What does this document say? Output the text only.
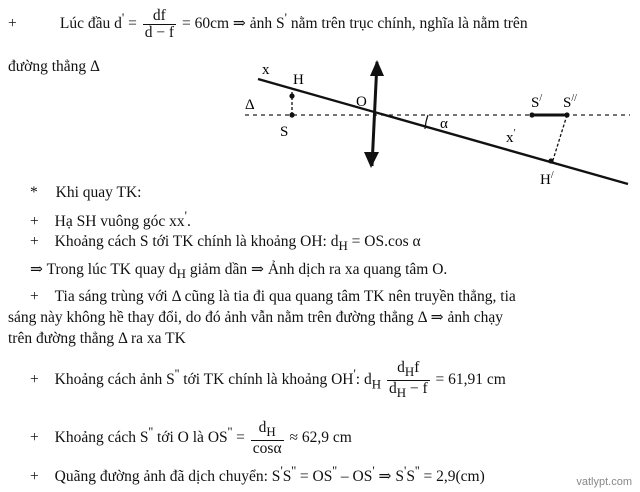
+	Lúc đầu $d' = \frac{df}{d - f} = 60cm$ ⇒ ảnh S' nằm trên trục chính, nghĩa là nằm trên
đường thẳng Δ	x
H
Δ
S
O
α
S/ S//
x′
H/
* Khi quay TK:
+ Hạ SH vuông góc xx'.
+ Khoảng cách S tới TK chính là khoảng OH: $d_H = OS.\cos$ α
⇒ Trong lúc TK quay $d_H$ giảm dần ⇒ Ảnh dịch ra xa quang tâm O.
+ Tia sáng trùng với Δ cũng là tia đi qua quang tâm TK nên truyền thẳng, tia
sáng này không hề thay đổi, do đó ảnh vẫn nằm trên đường thẳng Δ ⇒ ảnh chạy
trên đường thẳng Δ ra xa TK
+ Khoảng cách ảnh S'' tới TK chính là khoảng OH': $d_H \frac{d_Hf}{d_H - f} = 61,91$ cm
+ Khoảng cách S'' tới O là $OS'' = \frac{d_H}{\cos\alpha} \approx 62,9$ cm
+ Quãng đường ảnh đã dịch chuyển: S'S'' = OS'' – OS' ⇒ S'S'' = 2,9(cm)	vatlypt.com
